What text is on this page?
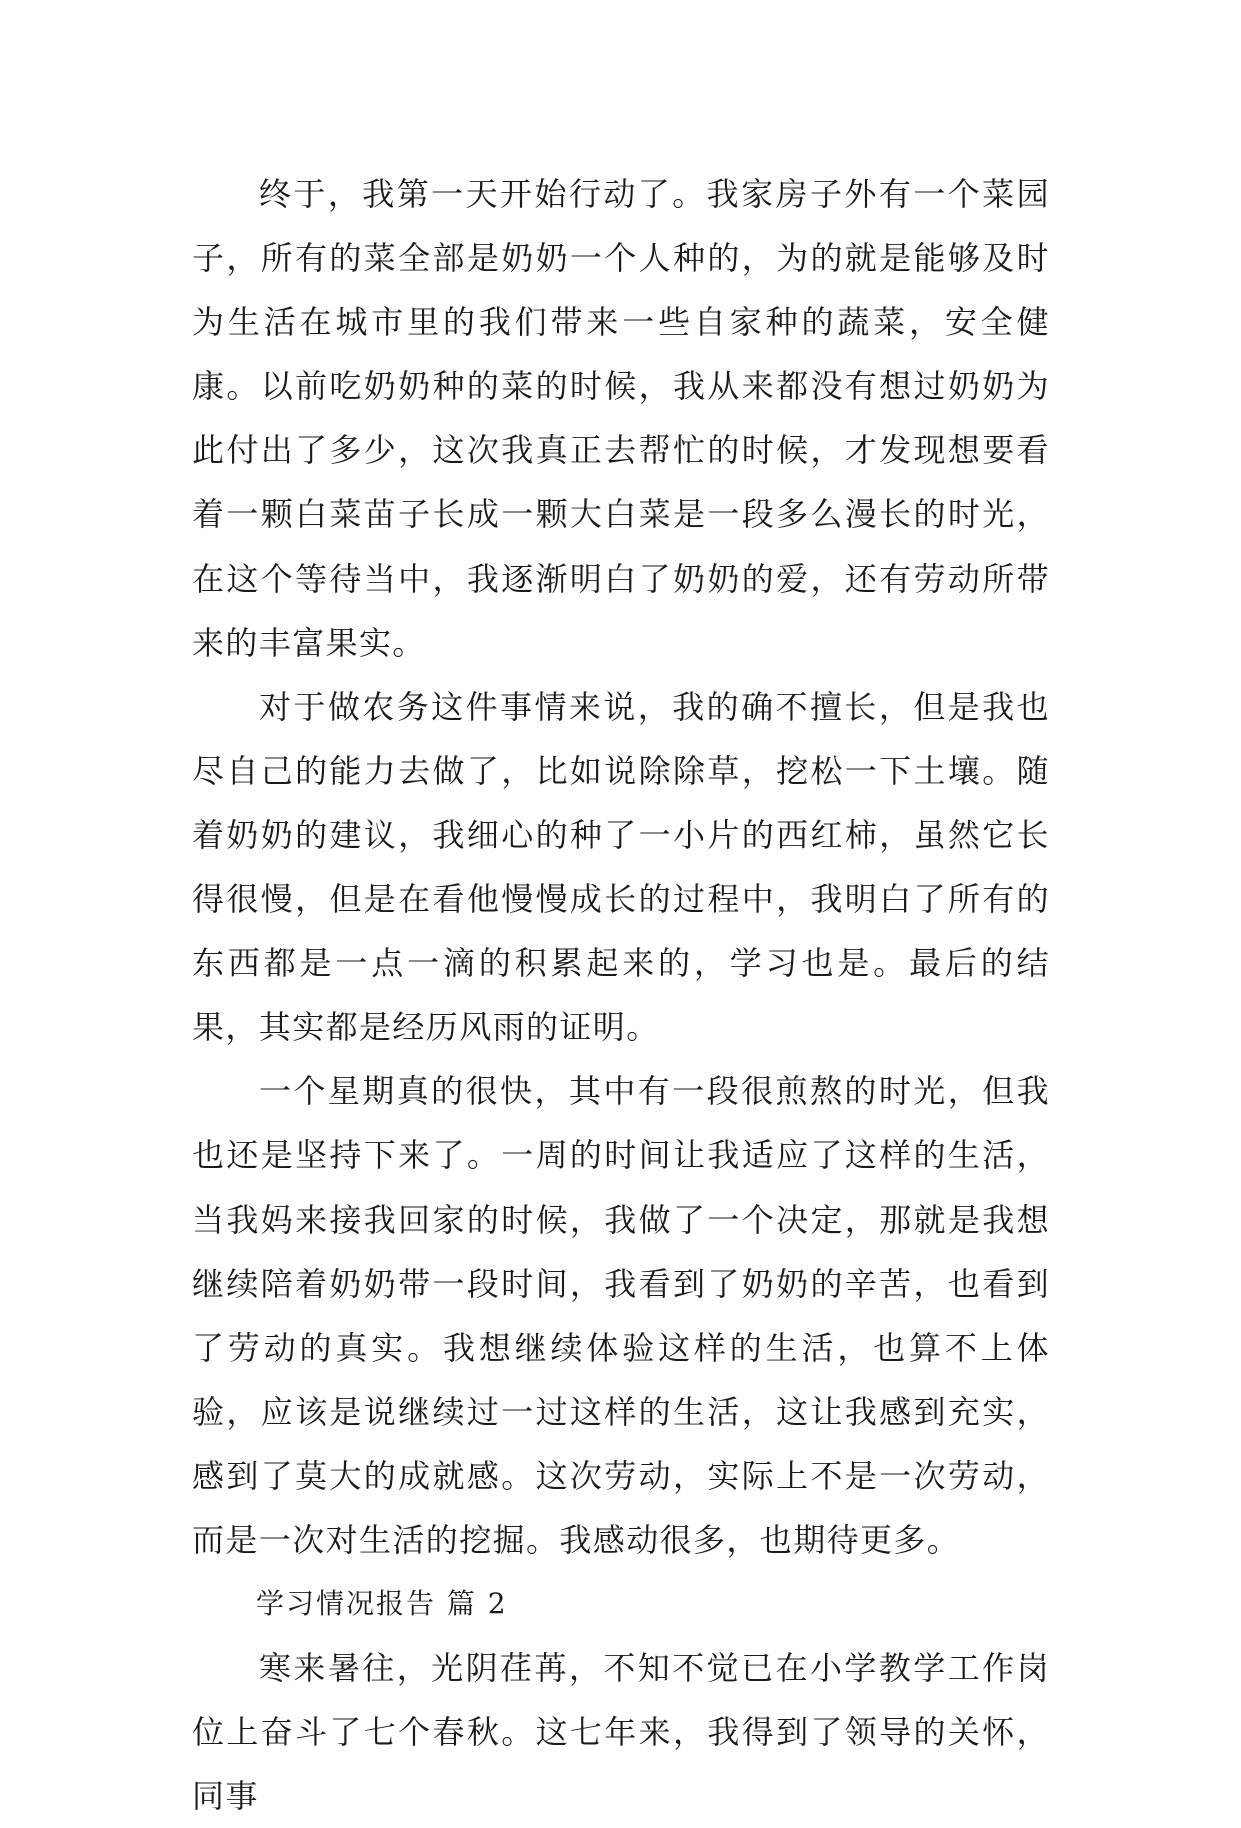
终于，我第一天开始行动了。我家房子外有一个菜园子，所有的菜全部是奶奶一个人种的，为的就是能够及时为生活在城市里的我们带来一些自家种的蔬菜，安全健康。以前吃奶奶种的菜的时候，我从来都没有想过奶奶为此付出了多少，这次我真正去帮忙的时候，才发现想要看着一颗白菜苗子长成一颗大白菜是一段多么漫长的时光，在这个等待当中，我逐渐明白了奶奶的爱，还有劳动所带来的丰富果实。

对于做农务这件事情来说，我的确不擅长，但是我也尽自己的能力去做了，比如说除除草，挖松一下土壤。随着奶奶的建议，我细心的种了一小片的西红柿，虽然它长得很慢，但是在看他慢慢成长的过程中，我明白了所有的东西都是一点一滴的积累起来的，学习也是。最后的结果，其实都是经历风雨的证明。

一个星期真的很快，其中有一段很煎熬的时光，但我也还是坚持下来了。一周的时间让我适应了这样的生活，当我妈来接我回家的时候，我做了一个决定，那就是我想继续陪着奶奶带一段时间，我看到了奶奶的辛苦，也看到了劳动的真实。我想继续体验这样的生活，也算不上体验，应该是说继续过一过这样的生活，这让我感到充实，感到了莫大的成就感。这次劳动，实际上不是一次劳动，而是一次对生活的挖掘。我感动很多，也期待更多。

学习情况报告 篇 2

寒来暑往，光阴荏苒，不知不觉已在小学教学工作岗位上奋斗了七个春秋。这七年来，我得到了领导的关怀，同事
